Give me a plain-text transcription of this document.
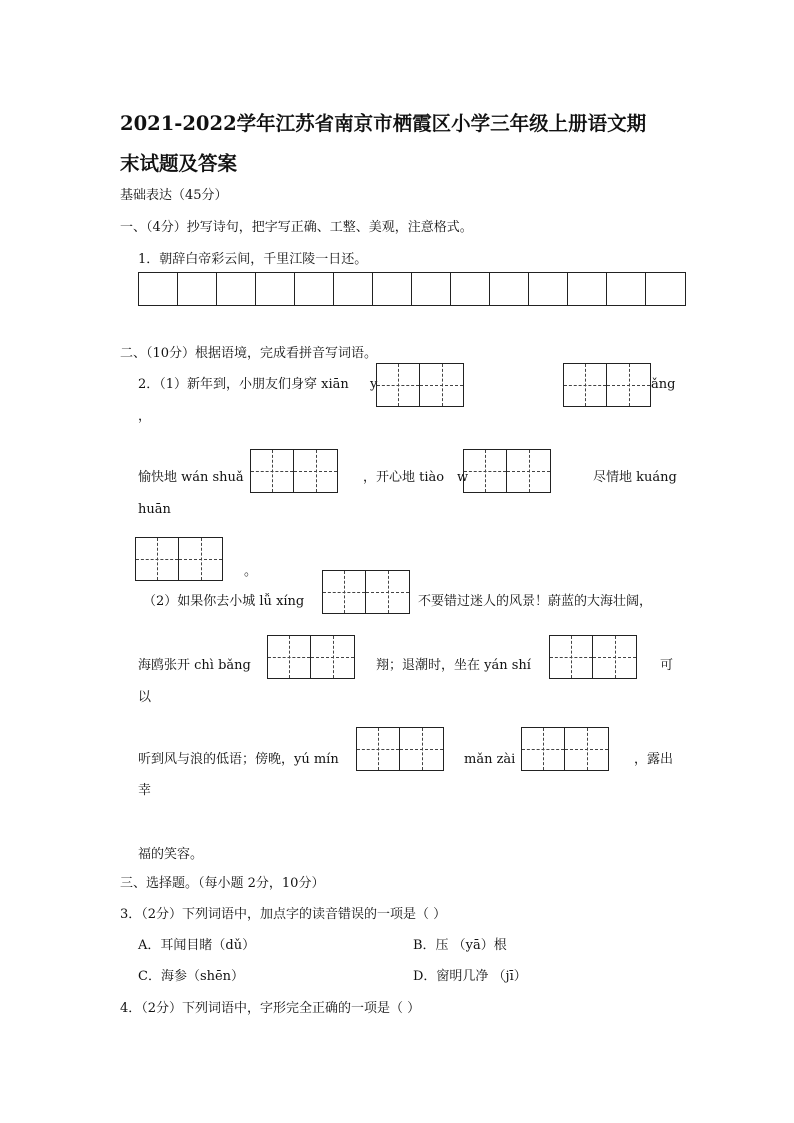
2021-2022学年江苏省南京市栖霞区小学三年级上册语文期
末试题及答案
基础表达（45分）
一、（4分）抄写诗句，把字写正确、工整、美观，注意格式。
1．朝辞白帝彩云间，千里江陵一日还。
二、（10分）根据语境，完成看拼音写词语。
2．（1）新年到，小朋友们身穿 xiān y	ǎng
，
愉快地 wán shuǎ	，开心地 tiào w	尽情地 kuáng
huān
。
（2）如果你去小城 lǚ xíng	不要错过迷人的风景！蔚蓝的大海壮阔，
海鸥张开 chì bǎng	翔；退潮时，坐在 yán shí	可
以
听到风与浪的低语；傍晚，yú mín	mǎn zài	，露出
幸
福的笑容。
三、选择题。（每小题 2分，10分）
3．（2分）下列词语中，加点字的读音错误的一项是（ ）
A．耳闻目睹（dǔ）	B．压 （yā）根
C．海参（shēn）	D．窗明几净 （jī）
4．（2分）下列词语中，字形完全正确的一项是（ ）
